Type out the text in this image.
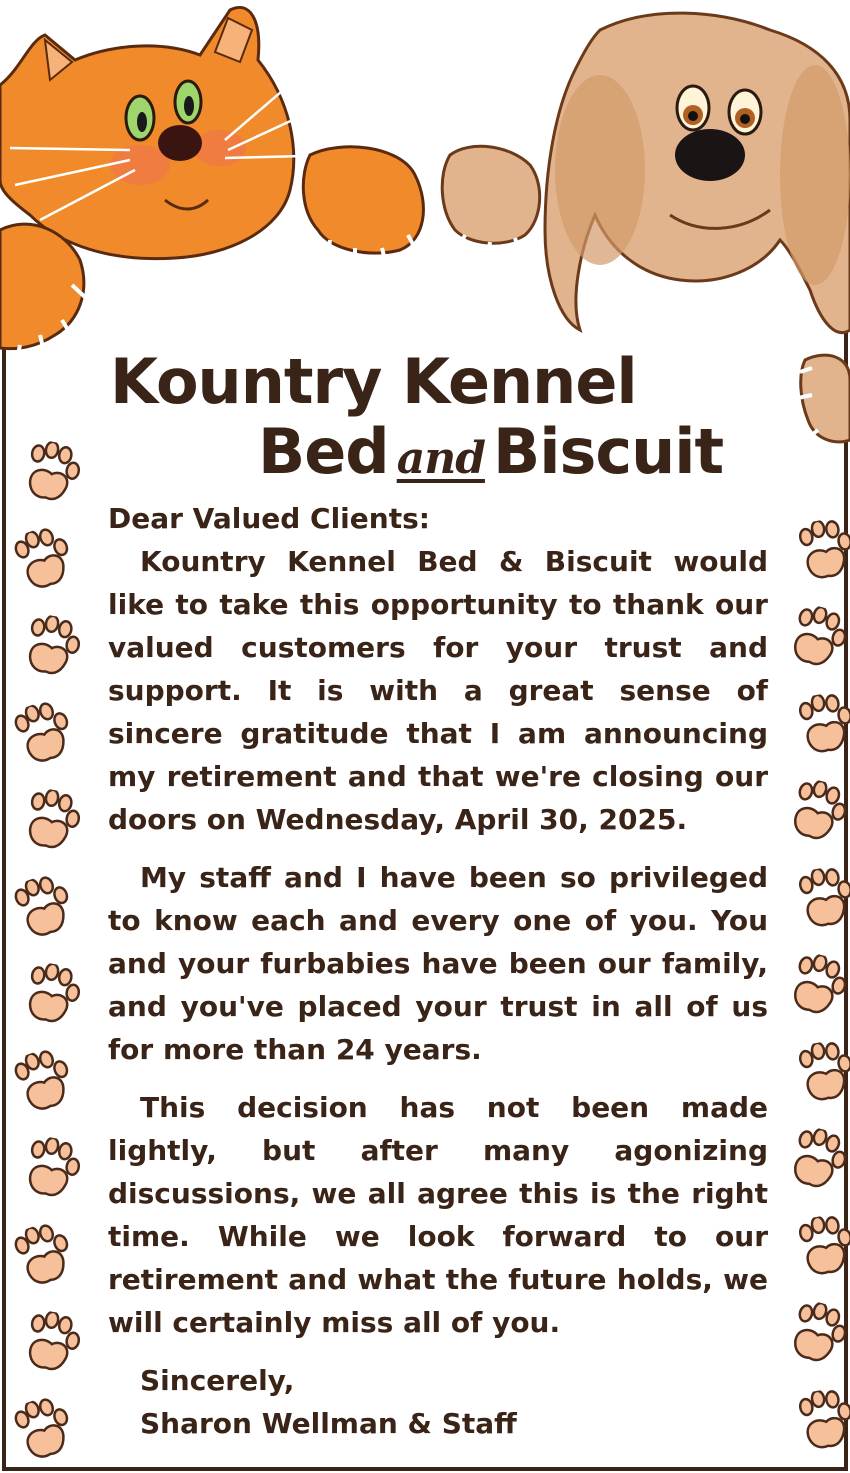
Kountry Kennel
Bed and Biscuit

Dear Valued Clients:

Kountry Kennel Bed & Biscuit would like to take this opportunity to thank our valued customers for your trust and support. It is with a great sense of sincere gratitude that I am announcing my retirement and that we're closing our doors on Wednesday, April 30, 2025.

My staff and I have been so privileged to know each and every one of you. You and your furbabies have been our family, and you've placed your trust in all of us for more than 24 years.

This decision has not been made lightly, but after many agonizing discussions, we all agree this is the right time. While we look forward to our retirement and what the future holds, we will certainly miss all of you.

Sincerely,

Sharon Wellman & Staff
